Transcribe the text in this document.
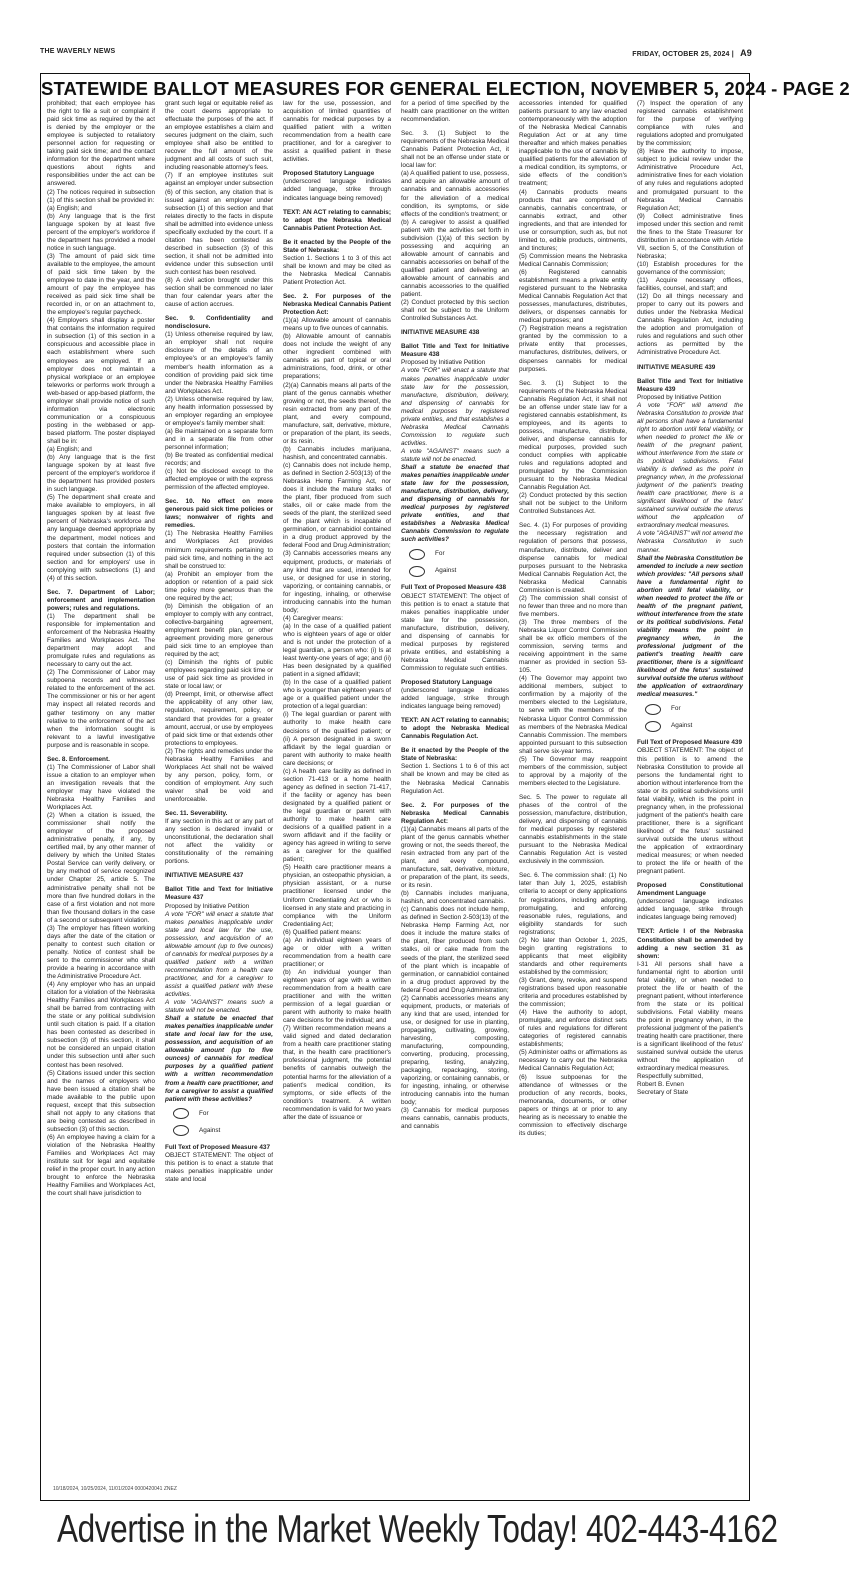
THE WAVERLY NEWS	FRIDAY, OCTOBER 25, 2024 | A9
STATEWIDE BALLOT MEASURES FOR GENERAL ELECTION, NOVEMBER 5, 2024 - PAGE 2

prohibited; that each employee has the right to file a suit or complaint if paid sick time as required by the act is denied by the employer or the employee is subjected to retaliatory personnel action for requesting or taking paid sick time; and the contact information for the department where questions about rights and responsibilities under the act can be answered.

(2) The notices required in subsection (1) of this section shall be provided in:

(a) English; and

(b) Any language that is the first language spoken by at least five percent of the employer's workforce if the department has provided a model notice in such language.

(3) The amount of paid sick time available to the employee, the amount of paid sick time taken by the employee to date in the year, and the amount of pay the employee has received as paid sick time shall be recorded in, or on an attachment to, the employee's regular paycheck.

(4) Employers shall display a poster that contains the information required in subsection (1) of this section in a conspicuous and accessible place in each establishment where such employees are employed. If an employer does not maintain a physical workplace or an employee teleworks or performs work through a web-based or app-based platform, the employer shall provide notice of such information via electronic communication or a conspicuous posting in the webbased or app-based platform. The poster displayed shall be in:

(a) English; and

(b) Any language that is the first language spoken by at least five percent of the employer's workforce if the department has provided posters in such language.

(5) The department shall create and make available to employers, in all languages spoken by at least five percent of Nebraska's workforce and any language deemed appropriate by the department, model notices and posters that contain the information required under subsection (1) of this section and for employers' use in complying with subsections (1) and (4) of this section.

Sec. 7. Department of Labor; enforcement and implementation powers; rules and regulations.

(1) The department shall be responsible for implementation and enforcement of the Nebraska Healthy Families and Workplaces Act. The department may adopt and promulgate rules and regulations as necessary to carry out the act.

(2) The Commissioner of Labor may subpoena records and witnesses related to the enforcement of the act. The commissioner or his or her agent may inspect all related records and gather testimony on any matter relative to the enforcement of the act when the information sought is relevant to a lawful investigative purpose and is reasonable in scope.

Sec. 8. Enforcement.

(1) The Commissioner of Labor shall issue a citation to an employer when an investigation reveals that the employer may have violated the Nebraska Healthy Families and Workplaces Act.

(2) When a citation is issued, the commissioner shall notify the employer of the proposed administrative penalty, if any, by certified mail, by any other manner of delivery by which the United States Postal Service can verify delivery, or by any method of service recognized under Chapter 25, article 5. The administrative penalty shall not be more than five hundred dollars in the case of a first violation and not more than five thousand dollars in the case of a second or subsequent violation.

(3) The employer has fifteen working days after the date of the citation or penalty to contest such citation or penalty. Notice of contest shall be sent to the commissioner who shall provide a hearing in accordance with the Administrative Procedure Act.

(4) Any employer who has an unpaid citation for a violation of the Nebraska Healthy Families and Workplaces Act shall be barred from contracting with the state or any political subdivision until such citation is paid. If a citation has been contested as described in subsection (3) of this section, it shall not be considered an unpaid citation under this subsection until after such contest has been resolved.

(5) Citations issued under this section and the names of employers who have been issued a citation shall be made available to the public upon request, except that this subsection shall not apply to any citations that are being contested as described in subsection (3) of this section.

(6) An employee having a claim for a violation of the Nebraska Healthy Families and Workplaces Act may institute suit for legal and equitable relief in the proper court. In any action brought to enforce the Nebraska Healthy Families and Workplaces Act, the court shall have jurisdiction to

grant such legal or equitable relief as the court deems appropriate to effectuate the purposes of the act. If an employee establishes a claim and secures judgment on the claim, such employee shall also be entitled to recover the full amount of the judgment and all costs of such suit, including reasonable attorney's fees.

(7) If an employee institutes suit against an employer under subsection (6) of this section, any citation that is issued against an employer under subsection (1) of this section and that relates directly to the facts in dispute shall be admitted into evidence unless specifically excluded by the court. If a citation has been contested as described in subsection (3) of this section, it shall not be admitted into evidence under this subsection until such contest has been resolved.

(8) A civil action brought under this section shall be commenced no later than four calendar years after the cause of action accrues.

Sec. 9. Confidentiality and nondisclosure.

(1) Unless otherwise required by law, an employer shall not require disclosure of the details of an employee's or an employee's family member's health information as a condition of providing paid sick time under the Nebraska Healthy Families and Workplaces Act.

(2) Unless otherwise required by law, any health information possessed by an employer regarding an employee or employee's family member shall:

(a) Be maintained on a separate form and in a separate file from other personnel information;

(b) Be treated as confidential medical records; and

(c) Not be disclosed except to the affected employee or with the express permission of the affected employee.

Sec. 10. No effect on more generous paid sick time policies or laws; nonwaiver of rights and remedies.

(1) The Nebraska Healthy Families and Workplaces Act provides minimum requirements pertaining to paid sick time, and nothing in the act shall be construed to:

(a) Prohibit an employer from the adoption or retention of a paid sick time policy more generous than the one required by the act;

(b) Diminish the obligation of an employer to comply with any contract, collective-bargaining agreement, employment benefit plan, or other agreement providing more generous paid sick time to an employee than required by the act;

(c) Diminish the rights of public employees regarding paid sick time or use of paid sick time as provided in state or local law; or

(d) Preempt, limit, or otherwise affect the applicability of any other law, regulation, requirement, policy, or standard that provides for a greater amount, accrual, or use by employees of paid sick time or that extends other protections to employees.

(2) The rights and remedies under the Nebraska Healthy Families and Workplaces Act shall not be waived by any person, policy, form, or condition of employment. Any such waiver shall be void and unenforceable.

Sec. 11. Severability.

If any section in this act or any part of any section is declared invalid or unconstitutional, the declaration shall not affect the validity or constitutionality of the remaining portions.

INITIATIVE MEASURE 437

Ballot Title and Text for Initiative Measure 437

Proposed by Initiative Petition

A vote "FOR" will enact a statute that makes penalties inapplicable under state and local law for the use, possession, and acquisition of an allowable amount (up to five ounces) of cannabis for medical purposes by a qualified patient with a written recommendation from a health care practitioner, and for a caregiver to assist a qualified patient with these activities.

A vote "AGAINST" means such a statute will not be enacted.

Shall a statute be enacted that makes penalties inapplicable under state and local law for the use, possession, and acquisition of an allowable amount (up to five ounces) of cannabis for medical purposes by a qualified patient with a written recommendation from a health care practitioner, and for a caregiver to assist a qualified patient with these activities?

For
Against

Full Text of Proposed Measure 437

OBJECT STATEMENT: The object of this petition is to enact a statute that makes penalties inapplicable under state and local

law for the use, possession, and acquisition of limited quantities of cannabis for medical purposes by a qualified patient with a written recommendation from a health care practitioner, and for a caregiver to assist a qualified patient in these activities.

Proposed Statutory Language

(underscored language indicates added language, strike through indicates language being removed)

TEXT: AN ACT relating to cannabis; to adopt the Nebraska Medical Cannabis Patient Protection Act.

Be it enacted by the People of the State of Nebraska:

Section 1. Sections 1 to 3 of this act shall be known and may be cited as the Nebraska Medical Cannabis Patient Protection Act.

Sec. 2. For purposes of the Nebraska Medical Cannabis Patient Protection Act:

(1)(a) Allowable amount of cannabis means up to five ounces of cannabis.

(b) Allowable amount of cannabis does not include the weight of any other ingredient combined with cannabis as part of topical or oral administrations, food, drink, or other preparations;

(2)(a) Cannabis means all parts of the plant of the genus cannabis whether growing or not, the seeds thereof, the resin extracted from any part of the plant, and every compound, manufacture, salt, derivative, mixture, or preparation of the plant, its seeds, or its resin.

(b) Cannabis includes marijuana, hashish, and concentrated cannabis.

(c) Cannabis does not include hemp, as defined in Section 2-503(13) of the Nebraska Hemp Farming Act, nor does it include the mature stalks of the plant, fiber produced from such stalks, oil or cake made from the seeds of the plant, the sterilized seed of the plant which is incapable of germination, or cannabidiol contained in a drug product approved by the federal Food and Drug Administration;

(3) Cannabis accessories means any equipment, products, or materials of any kind that are used, intended for use, or designed for use in storing, vaporizing, or containing cannabis, or for ingesting, inhaling, or otherwise introducing cannabis into the human body;

(4) Caregiver means:

(a) In the case of a qualified patient who is eighteen years of age or older and is not under the protection of a legal guardian, a person who: (i) Is at least twenty-one years of age; and (ii) Has been designated by a qualified patient in a signed affidavit;

(b) In the case of a qualified patient who is younger than eighteen years of age or a qualified patient under the protection of a legal guardian:

(i) The legal guardian or parent with authority to make health care decisions of the qualified patient; or (ii) A person designated in a sworn affidavit by the legal guardian or parent with authority to make health care decisions; or

(c) A health care facility as defined in section 71-413 or a home health agency as defined in section 71-417, if the facility or agency has been designated by a qualified patient or the legal guardian or parent with authority to make health care decisions of a qualified patient in a sworn affidavit and if the facility or agency has agreed in writing to serve as a caregiver for the qualified patient;

(5) Health care practitioner means a physician, an osteopathic physician, a physician assistant, or a nurse practitioner licensed under the Uniform Credentialing Act or who is licensed in any state and practicing in compliance with the Uniform Credentialing Act;

(6) Qualified patient means:

(a) An individual eighteen years of age or older with a written recommendation from a health care practitioner; or

(b) An individual younger than eighteen years of age with a written recommendation from a health care practitioner and with the written permission of a legal guardian or parent with authority to make health care decisions for the individual; and

(7) Written recommendation means a valid signed and dated declaration from a health care practitioner stating that, in the health care practitioner's professional judgment, the potential benefits of cannabis outweigh the potential harms for the alleviation of a patient's medical condition, its symptoms, or side effects of the condition's treatment. A written recommendation is valid for two years after the date of issuance or

for a period of time specified by the health care practitioner on the written recommendation.

Sec. 3. (1) Subject to the requirements of the Nebraska Medical Cannabis Patient Protection Act, it shall not be an offense under state or local law for:

(a) A qualified patient to use, possess, and acquire an allowable amount of cannabis and cannabis accessories for the alleviation of a medical condition, its symptoms, or side effects of the condition's treatment; or

(b) A caregiver to assist a qualified patient with the activities set forth in subdivision (1)(a) of this section by possessing and acquiring an allowable amount of cannabis and cannabis accessories on behalf of the qualified patient and delivering an allowable amount of cannabis and cannabis accessories to the qualified patient.

(2) Conduct protected by this section shall not be subject to the Uniform Controlled Substances Act.

INITIATIVE MEASURE 438

Ballot Title and Text for Initiative Measure 438

Proposed by Initiative Petition

A vote "FOR" will enact a statute that makes penalties inapplicable under state law for the possession, manufacture, distribution, delivery, and dispensing of cannabis for medical purposes by registered private entities, and that establishes a Nebraska Medical Cannabis Commission to regulate such activities.

A vote "AGAINST" means such a statute will not be enacted.

Shall a statute be enacted that makes penalties inapplicable under state law for the possession, manufacture, distribution, delivery, and dispensing of cannabis for medical purposes by registered private entities, and that establishes a Nebraska Medical Cannabis Commission to regulate such activities?

For
Against

Full Text of Proposed Measure 438

OBJECT STATEMENT: The object of this petition is to enact a statute that makes penalties inapplicable under state law for the possession, manufacture, distribution, delivery, and dispensing of cannabis for medical purposes by registered private entities, and establishing a Nebraska Medical Cannabis Commission to regulate such entities.

Proposed Statutory Language

(underscored language indicates added language, strike through indicates language being removed)

TEXT: AN ACT relating to cannabis; to adopt the Nebraska Medical Cannabis Regulation Act.

Be it enacted by the People of the State of Nebraska:

Section 1. Sections 1 to 6 of this act shall be known and may be cited as the Nebraska Medical Cannabis Regulation Act.

Sec. 2. For purposes of the Nebraska Medical Cannabis Regulation Act:

(1)(a) Cannabis means all parts of the plant of the genus cannabis whether growing or not, the seeds thereof, the resin extracted from any part of the plant, and every compound, manufacture, salt, derivative, mixture, or preparation of the plant, its seeds, or its resin.

(b) Cannabis includes marijuana, hashish, and concentrated cannabis.

(c) Cannabis does not include hemp, as defined in Section 2-503(13) of the Nebraska Hemp Farming Act, nor does it include the mature stalks of the plant, fiber produced from such stalks, oil or cake made from the seeds of the plant, the sterilized seed of the plant which is incapable of germination, or cannabidiol contained in a drug product approved by the federal Food and Drug Administration;

(2) Cannabis accessories means any equipment, products, or materials of any kind that are used, intended for use, or designed for use in planting, propagating, cultivating, growing, harvesting, composting, manufacturing, compounding, converting, producing, processing, preparing, testing, analyzing, packaging, repackaging, storing, vaporizing, or containing cannabis, or for ingesting, inhaling, or otherwise introducing cannabis into the human body;

(3) Cannabis for medical purposes means cannabis, cannabis products, and cannabis

accessories intended for qualified patients pursuant to any law enacted contemporaneously with the adoption of the Nebraska Medical Cannabis Regulation Act or at any time thereafter and which makes penalties inapplicable to the use of cannabis by qualified patients for the alleviation of a medical condition, its symptoms, or side effects of the condition's treatment;

(4) Cannabis products means products that are comprised of cannabis, cannabis concentrate, or cannabis extract, and other ingredients, and that are intended for use or consumption, such as, but not limited to, edible products, ointments, and tinctures;

(5) Commission means the Nebraska Medical Cannabis Commission;

(6) Registered cannabis establishment means a private entity registered pursuant to the Nebraska Medical Cannabis Regulation Act that possesses, manufactures, distributes, delivers, or dispenses cannabis for medical purposes; and

(7) Registration means a registration granted by the commission to a private entity that processes, manufactures, distributes, delivers, or dispenses cannabis for medical purposes.

Sec. 3. (1) Subject to the requirements of the Nebraska Medical Cannabis Regulation Act, it shall not be an offense under state law for a registered cannabis establishment, its employees, and its agents to possess, manufacture, distribute, deliver, and dispense cannabis for medical purposes, provided such conduct complies with applicable rules and regulations adopted and promulgated by the Commission pursuant to the Nebraska Medical Cannabis Regulation Act.

(2) Conduct protected by this section shall not be subject to the Uniform Controlled Substances Act.

Sec. 4. (1) For purposes of providing the necessary registration and regulation of persons that possess, manufacture, distribute, deliver and dispense cannabis for medical purposes pursuant to the Nebraska Medical Cannabis Regulation Act, the Nebraska Medical Cannabis Commission is created.

(2) The commission shall consist of no fewer than three and no more than five members.

(3) The three members of the Nebraska Liquor Control Commission shall be ex officio members of the commission, serving terms and receiving appointment in the same manner as provided in section 53-105.

(4) The Governor may appoint two additional members, subject to confirmation by a majority of the members elected to the Legislature, to serve with the members of the Nebraska Liquor Control Commission as members of the Nebraska Medical Cannabis Commission. The members appointed pursuant to this subsection shall serve six-year terms.

(5) The Governor may reappoint members of the commission, subject to approval by a majority of the members elected to the Legislature.

Sec. 5. The power to regulate all phases of the control of the possession, manufacture, distribution, delivery, and dispensing of cannabis for medical purposes by registered cannabis establishments in the state pursuant to the Nebraska Medical Cannabis Regulation Act is vested exclusively in the commission.

Sec. 6. The commission shall: (1) No later than July 1, 2025, establish criteria to accept or deny applications for registrations, including adopting, promulgating, and enforcing reasonable rules, regulations, and eligibility standards for such registrations;

(2) No later than October 1, 2025, begin granting registrations to applicants that meet eligibility standards and other requirements established by the commission;

(3) Grant, deny, revoke, and suspend registrations based upon reasonable criteria and procedures established by the commission;

(4) Have the authority to adopt, promulgate, and enforce distinct sets of rules and regulations for different categories of registered cannabis establishments;

(5) Administer oaths or affirmations as necessary to carry out the Nebraska Medical Cannabis Regulation Act;

(6) Issue subpoenas for the attendance of witnesses or the production of any records, books, memoranda, documents, or other papers or things at or prior to any hearing as is necessary to enable the commission to effectively discharge its duties;

(7) Inspect the operation of any registered cannabis establishment for the purpose of verifying compliance with rules and regulations adopted and promulgated by the commission;

(8) Have the authority to impose, subject to judicial review under the Administrative Procedure Act, administrative fines for each violation of any rules and regulations adopted and promulgated pursuant to the Nebraska Medical Cannabis Regulation Act;

(9) Collect administrative fines imposed under this section and remit the fines to the State Treasurer for distribution in accordance with Article VII, section 5, of the Constitution of Nebraska;

(10) Establish procedures for the governance of the commission;

(11) Acquire necessary offices, facilities, counsel, and staff; and

(12) Do all things necessary and proper to carry out its powers and duties under the Nebraska Medical Cannabis Regulation Act, including the adoption and promulgation of rules and regulations and such other actions as permitted by the Administrative Procedure Act.

INITIATIVE MEASURE 439

Ballot Title and Text for Initiative Measure 439

Proposed by Initiative Petition

A vote "FOR" will amend the Nebraska Constitution to provide that all persons shall have a fundamental right to abortion until fetal viability, or when needed to protect the life or health of the pregnant patient, without interference from the state or its political subdivisions. Fetal viability is defined as the point in pregnancy when, in the professional judgment of the patient's treating health care practitioner, there is a significant likelihood of the fetus' sustained survival outside the uterus without the application of extraordinary medical measures.

A vote "AGAINST" will not amend the Nebraska Constitution in such manner.

Shall the Nebraska Constitution be amended to include a new section which provides: "All persons shall have a fundamental right to abortion until fetal viability, or when needed to protect the life or health of the pregnant patient, without interference from the state or its political subdivisions. Fetal viability means the point in pregnancy when, in the professional judgment of the patient's treating health care practitioner, there is a significant likelihood of the fetus' sustained survival outside the uterus without the application of extraordinary medical measures."

For
Against

Full Text of Proposed Measure 439

OBJECT STATEMENT: The object of this petition is to amend the Nebraska Constitution to provide all persons the fundamental right to abortion without interference from the state or its political subdivisions until fetal viability, which is the point in pregnancy when, in the professional judgment of the patient's health care practitioner, there is a significant likelihood of the fetus' sustained survival outside the uterus without the application of extraordinary medical measures; or when needed to protect the life or health of the pregnant patient.

Proposed Constitutional Amendment Language

(underscored language indicates added language, strike through indicates language being removed)

TEXT: Article I of the Nebraska Constitution shall be amended by adding a new section 31 as shown:

I-31 All persons shall have a fundamental right to abortion until fetal viability, or when needed to protect the life or health of the pregnant patient, without interference from the state or its political subdivisions. Fetal viability means the point in pregnancy when, in the professional judgment of the patient's treating health care practitioner, there is a significant likelihood of the fetus' sustained survival outside the uterus without the application of extraordinary medical measures.

Respectfully submitted,

Robert B. Evnen

Secretary of State

10/18/2024, 10/25/2024, 11/01/2024 0000420041 ZNEZ
Advertise in the Market Weekly Today! 402-443-4162
